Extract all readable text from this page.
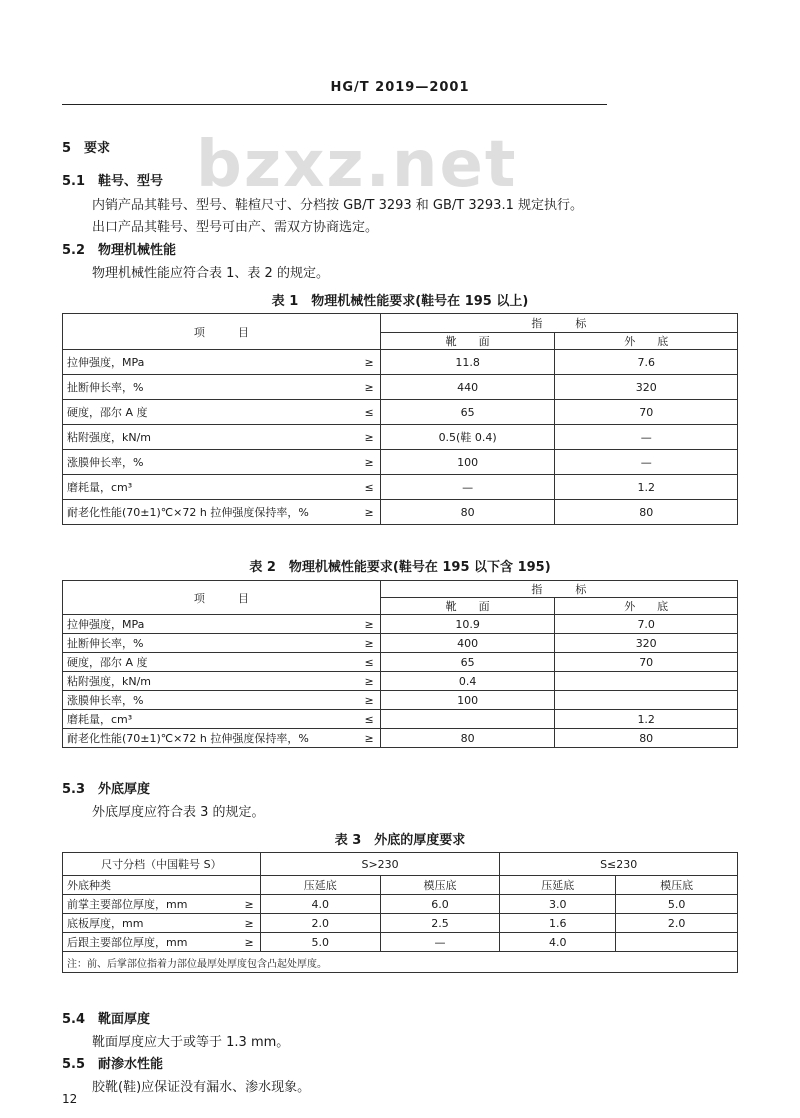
HG/T 2019—2001
bzxz.net
5　要求
5.1　鞋号、型号
内销产品其鞋号、型号、鞋楦尺寸、分档按 GB/T 3293 和 GB/T 3293.1 规定执行。
出口产品其鞋号、型号可由产、需双方协商选定。
5.2　物理机械性能
物理机械性能应符合表 1、表 2 的规定。
表 1　物理机械性能要求(鞋号在 195 以上)
项　　　目		指　　　标	
		靴　　面	外　　底
拉伸强度，MPa	≥	11.8	7.6
扯断伸长率，%	≥	440	320
硬度，邵尔 A 度	≤	65	70
粘附强度，kN/m	≥	0.5(鞋 0.4)	—
涨膜伸长率，%	≥	100	—
磨耗量，cm³	≤	—	1.2
耐老化性能(70±1)℃×72 h 拉伸强度保持率，%	≥	80	80
表 2　物理机械性能要求(鞋号在 195 以下含 195)
项　　　目		指　　　标	
		靴　　面	外　　底
拉伸强度，MPa	≥	10.9	7.0
扯断伸长率，%	≥	400	320
硬度，邵尔 A 度	≤	65	70
粘附强度，kN/m	≥	0.4	
涨膜伸长率，%	≥	100	
磨耗量，cm³	≤		1.2
耐老化性能(70±1)℃×72 h 拉伸强度保持率，%	≥	80	80
5.3　外底厚度
外底厚度应符合表 3 的规定。
表 3　外底的厚度要求
尺寸分档（中国鞋号 S）		S>230		S≤230	
外底种类		压延底	模压底	压延底	模压底
前掌主要部位厚度，mm	≥	4.0	6.0	3.0	5.0
底板厚度，mm	≥	2.0	2.5	1.6	2.0
后跟主要部位厚度，mm	≥	5.0	—	4.0	
注：前、后掌部位指着力部位最厚处厚度包含凸起处厚度。					
5.4　靴面厚度
靴面厚度应大于或等于 1.3 mm。
5.5　耐渗水性能
胶靴(鞋)应保证没有漏水、渗水现象。
12
